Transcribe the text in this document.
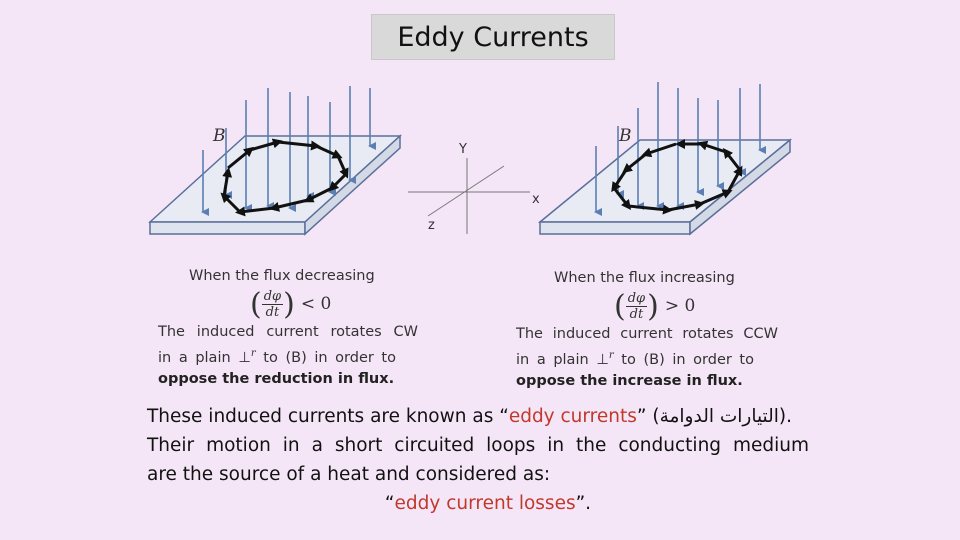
Eddy Currents
Y
x
z
B	B
When the flux decreasing
( $\frac{d\varphi}{dt}$ ) < 0
The induced current rotates CW
in a plain ⊥$^r$ to (B) in order to
oppose the reduction in flux.
When the flux increasing
( $\frac{d\varphi}{dt}$ ) > 0
The induced current rotates CCW
in a plain ⊥$^r$ to (B) in order to
oppose the increase in flux.
These induced currents are known as “eddy currents” (التيارات الدوامة).
Their motion in a short circuited loops in the conducting medium
are the source of a heat and considered as:
“eddy current losses”.
